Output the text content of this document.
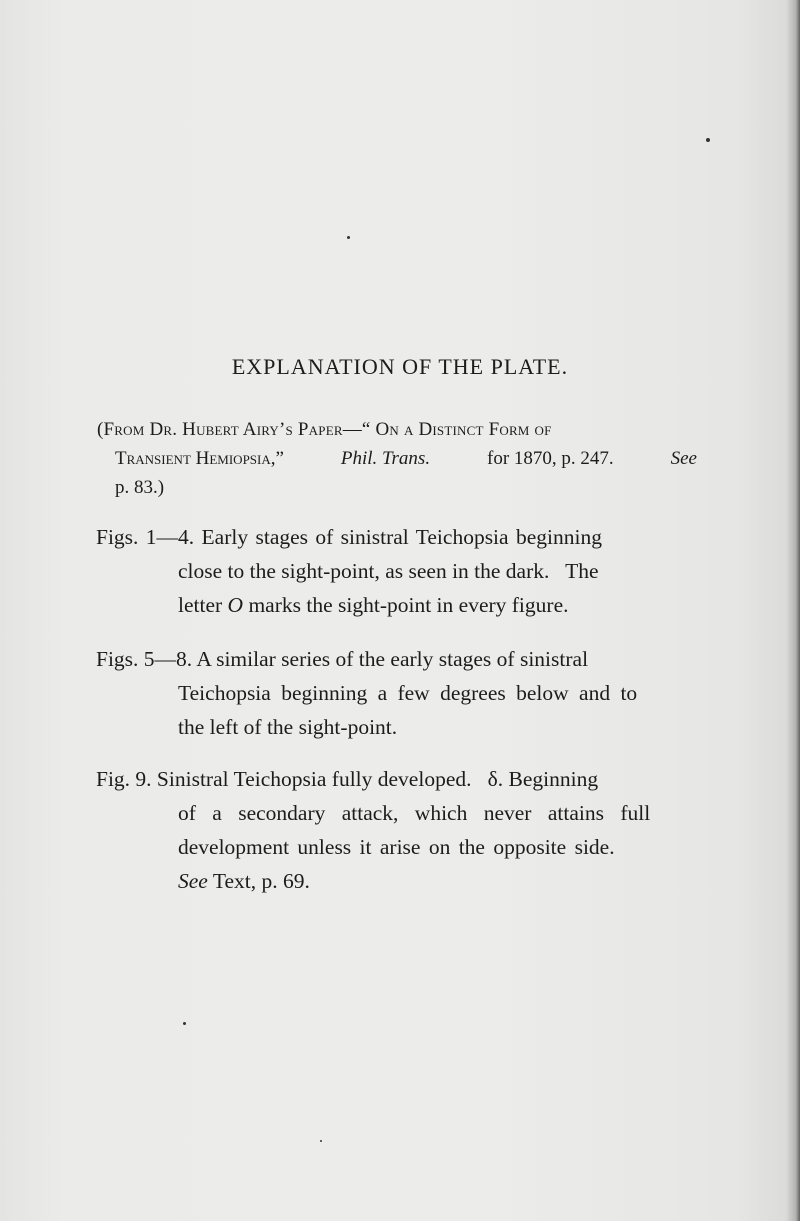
EXPLANATION OF THE PLATE.
(From Dr. Hubert Airy’s Paper—“ On a Distinct Form of
Transient Hemiopsia,”	Phil. Trans.	for 1870, p. 247.	See
p. 83.)
Figs. 1—4. Early stages of sinistral Teichopsia beginning
close to the sight-point, as seen in the dark.   The
letter O marks the sight-point in every figure.
Figs. 5—8. A similar series of the early stages of sinistral
Teichopsia beginning a few degrees below and to
the left of the sight-point.
Fig. 9. Sinistral Teichopsia fully developed.   δ. Beginning
of a secondary attack, which never attains full
development unless it arise on the opposite side.
See Text, p. 69.
